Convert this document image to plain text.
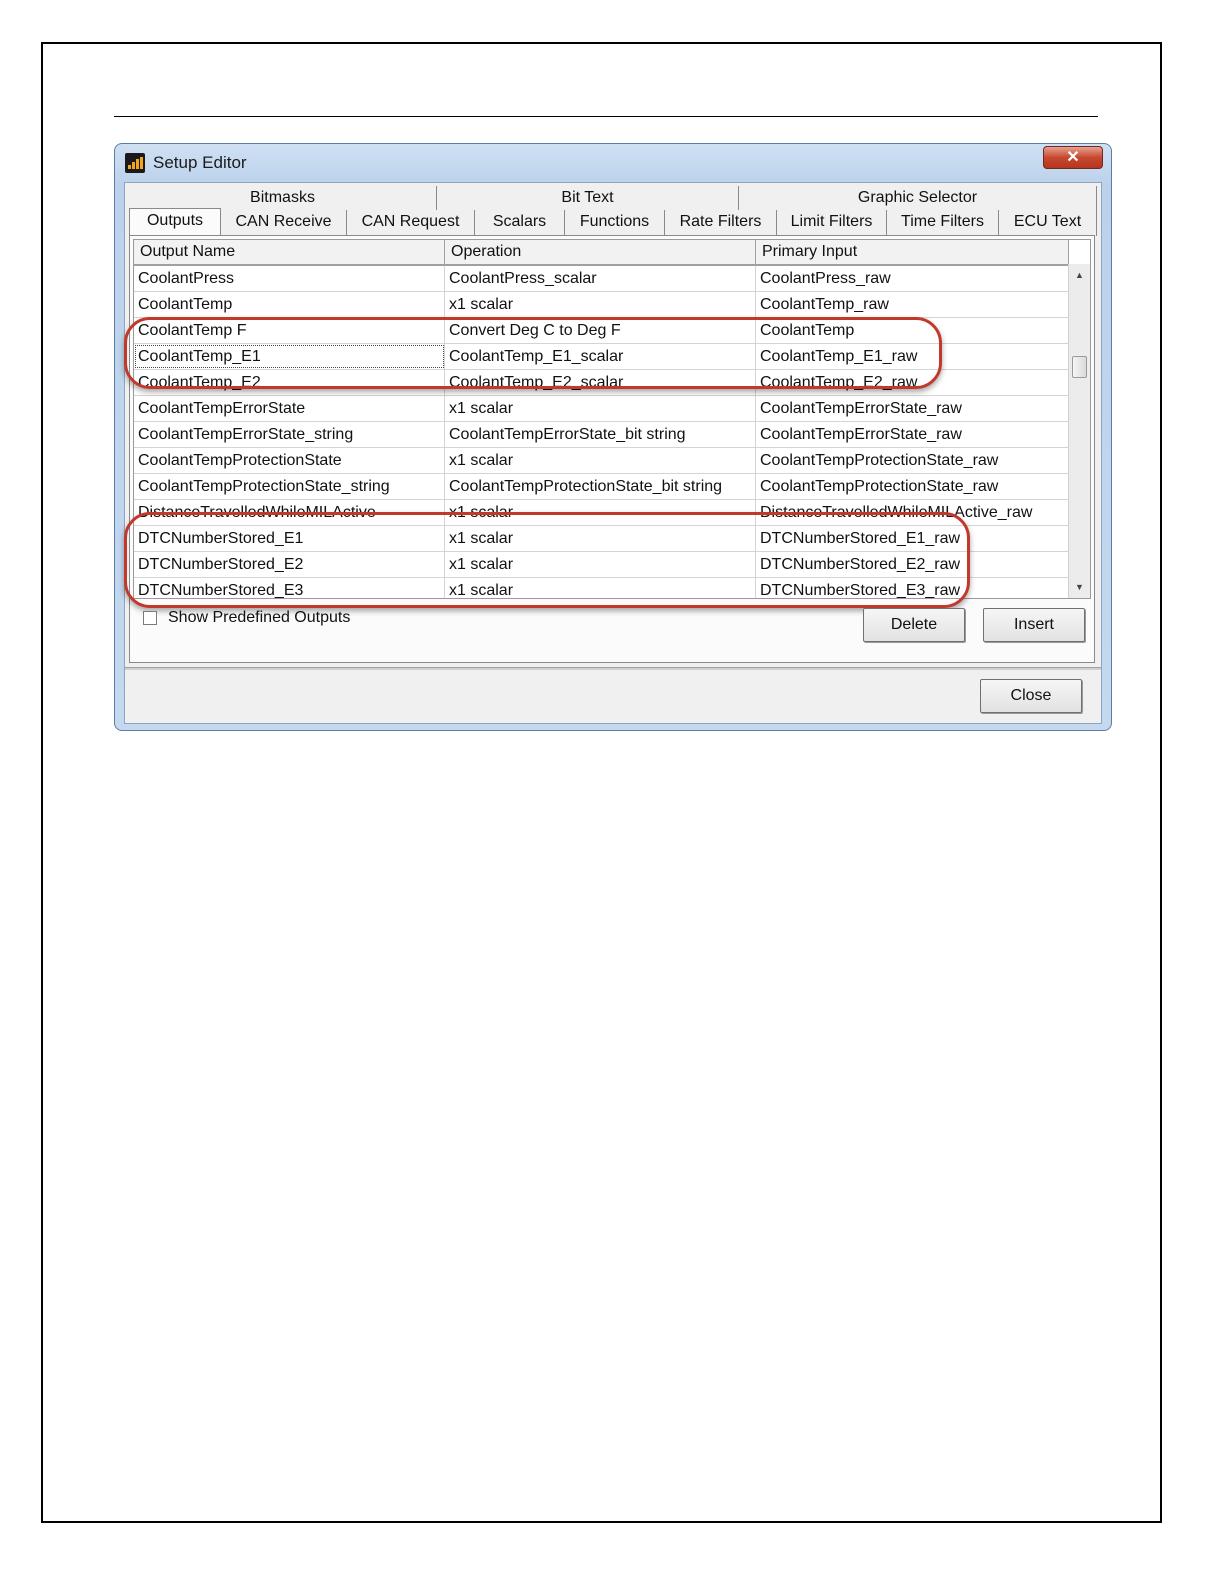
Setup Editor	✕
Bitmasks	Bit Text	Graphic Selector
Outputs	CAN Receive	CAN Request	Scalars	Functions	Rate Filters	Limit Filters	Time Filters	ECU Text
Output Name	Operation	Primary Input
CoolantPress	CoolantPress_scalar	CoolantPress_raw
CoolantTemp	x1 scalar	CoolantTemp_raw
CoolantTemp F	Convert Deg C to Deg F	CoolantTemp
CoolantTemp_E1	CoolantTemp_E1_scalar	CoolantTemp_E1_raw
CoolantTemp_E2	CoolantTemp_E2_scalar	CoolantTemp_E2_raw
CoolantTempErrorState	x1 scalar	CoolantTempErrorState_raw
CoolantTempErrorState_string	CoolantTempErrorState_bit string	CoolantTempErrorState_raw
CoolantTempProtectionState	x1 scalar	CoolantTempProtectionState_raw
CoolantTempProtectionState_string	CoolantTempProtectionState_bit string	CoolantTempProtectionState_raw
DistanceTravelledWhileMILActive	x1 scalar	DistanceTravelledWhileMILActive_raw
DTCNumberStored_E1	x1 scalar	DTCNumberStored_E1_raw
DTCNumberStored_E2	x1 scalar	DTCNumberStored_E2_raw
DTCNumberStored_E3	x1 scalar	DTCNumberStored_E3_raw
▲
▼
Show Predefined Outputs	Delete	Insert
Close
